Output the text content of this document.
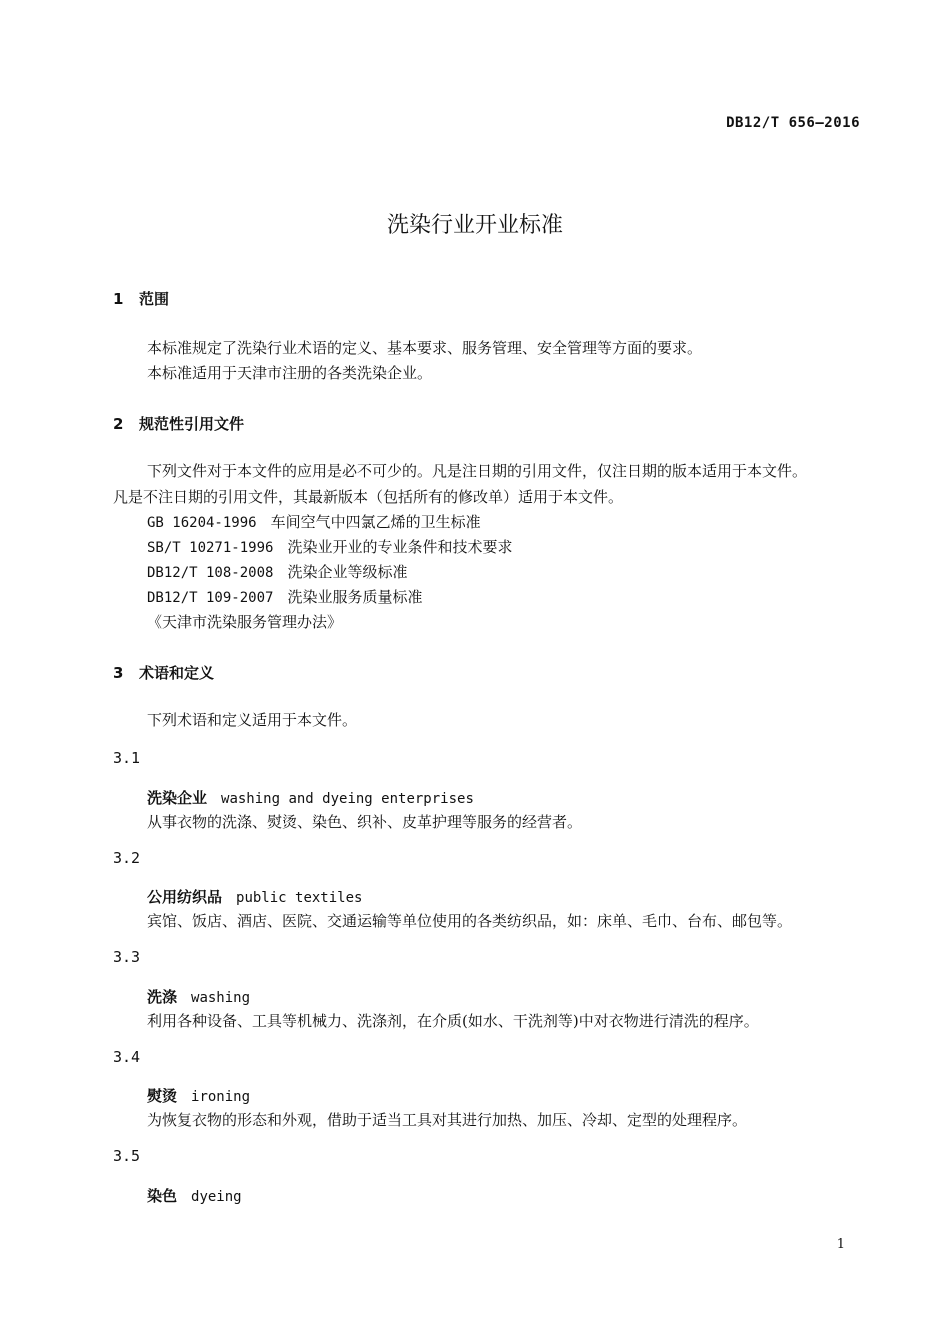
DB12/T 656—2016
洗染行业开业标准
1 范围
本标准规定了洗染行业术语的定义、基本要求、服务管理、安全管理等方面的要求。
本标准适用于天津市注册的各类洗染企业。
2 规范性引用文件
下列文件对于本文件的应用是必不可少的。凡是注日期的引用文件，仅注日期的版本适用于本文件。
凡是不注日期的引用文件，其最新版本（包括所有的修改单）适用于本文件。
GB 16204-1996 车间空气中四氯乙烯的卫生标准
SB/T 10271-1996 洗染业开业的专业条件和技术要求
DB12/T 108-2008 洗染企业等级标准
DB12/T 109-2007 洗染业服务质量标准
《天津市洗染服务管理办法》
3 术语和定义
下列术语和定义适用于本文件。
3.1
洗染企业 washing and dyeing enterprises
从事衣物的洗涤、熨烫、染色、织补、皮革护理等服务的经营者。
3.2
公用纺织品 public textiles
宾馆、饭店、酒店、医院、交通运输等单位使用的各类纺织品，如：床单、毛巾、台布、邮包等。
3.3
洗涤 washing
利用各种设备、工具等机械力、洗涤剂，在介质(如水、干洗剂等)中对衣物进行清洗的程序。
3.4
熨烫 ironing
为恢复衣物的形态和外观，借助于适当工具对其进行加热、加压、冷却、定型的处理程序。
3.5
染色 dyeing
1
